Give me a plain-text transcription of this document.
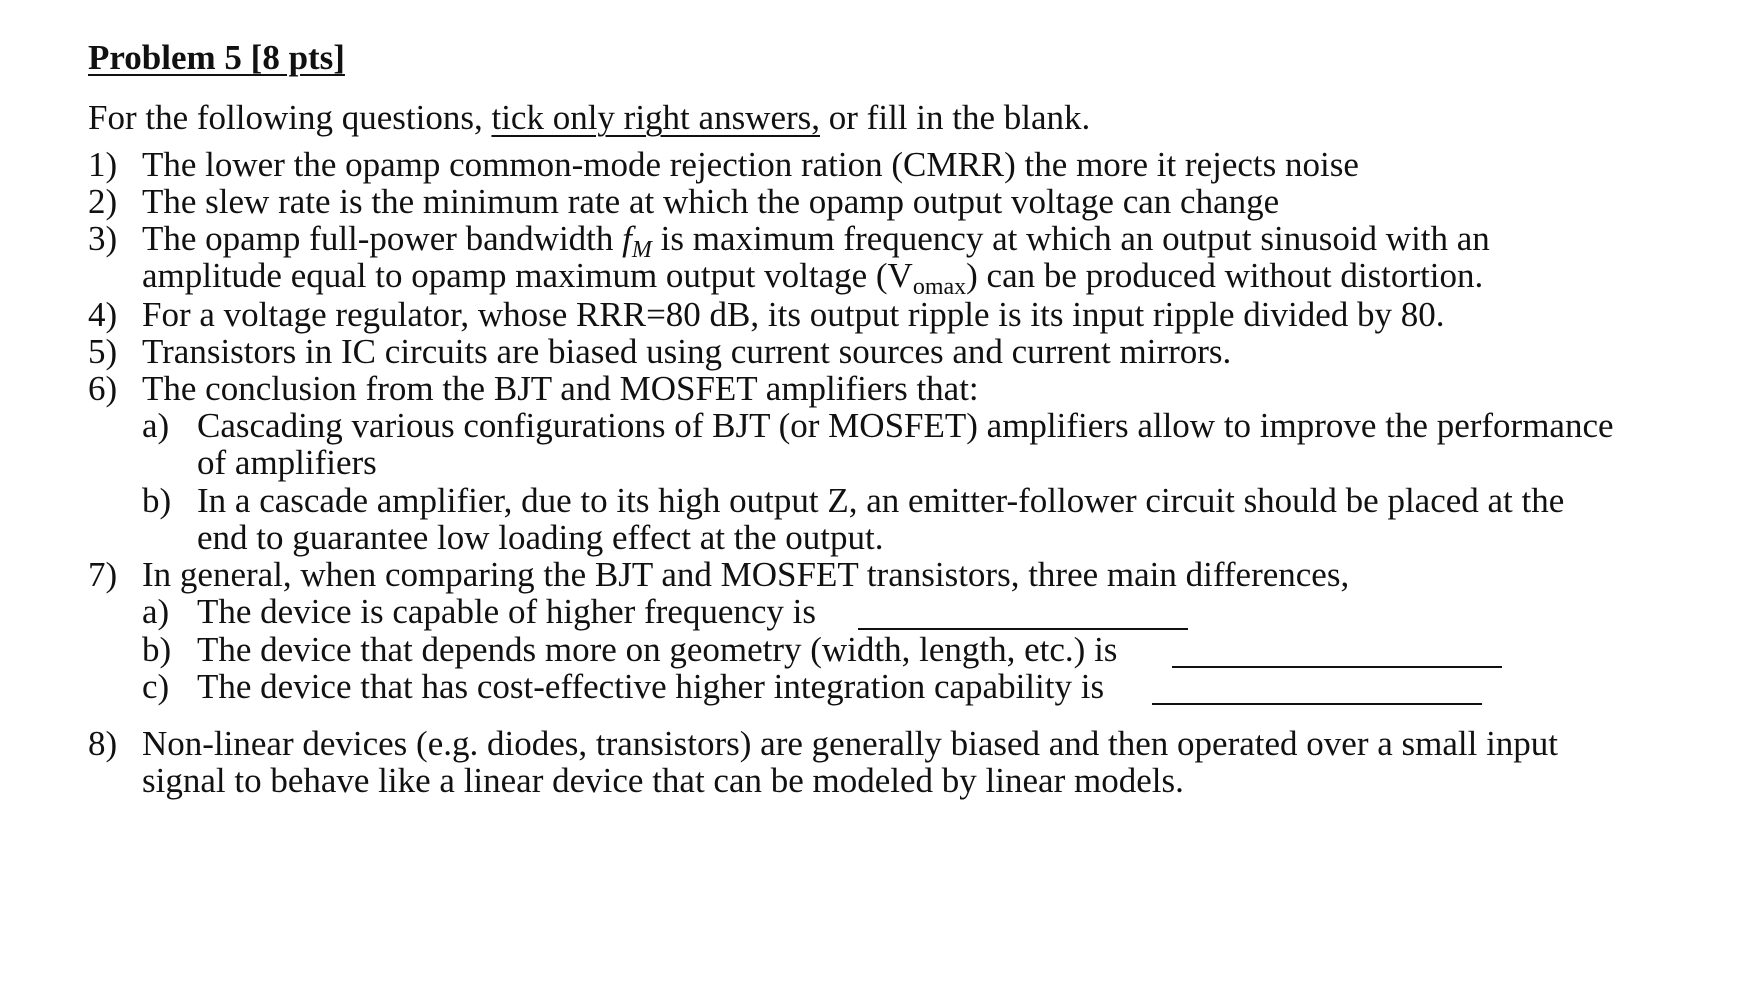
Problem 5 [8 pts]
For the following questions, tick only right answers, or fill in the blank.
1) The lower the opamp common-mode rejection ration (CMRR) the more it rejects noise
2) The slew rate is the minimum rate at which the opamp output voltage can change
3) The opamp full-power bandwidth $f_M$ is maximum frequency at which an output sinusoid with an
amplitude equal to opamp maximum output voltage $(V_{omax})$ can be produced without distortion.
4) For a voltage regulator, whose RRR=80 dB, its output ripple is its input ripple divided by 80.
5) Transistors in IC circuits are biased using current sources and current mirrors.
6) The conclusion from the BJT and MOSFET amplifiers that:
a) Cascading various configurations of BJT (or MOSFET) amplifiers allow to improve the performance
of amplifiers
b) In a cascade amplifier, due to its high output Z, an emitter-follower circuit should be placed at the
end to guarantee low loading effect at the output.
7) In general, when comparing the BJT and MOSFET transistors, three main differences,
a) The device is capable of higher frequency is
b) The device that depends more on geometry (width, length, etc.) is
c) The device that has cost-effective higher integration capability is
8) Non-linear devices (e.g. diodes, transistors) are generally biased and then operated over a small input
signal to behave like a linear device that can be modeled by linear models.
